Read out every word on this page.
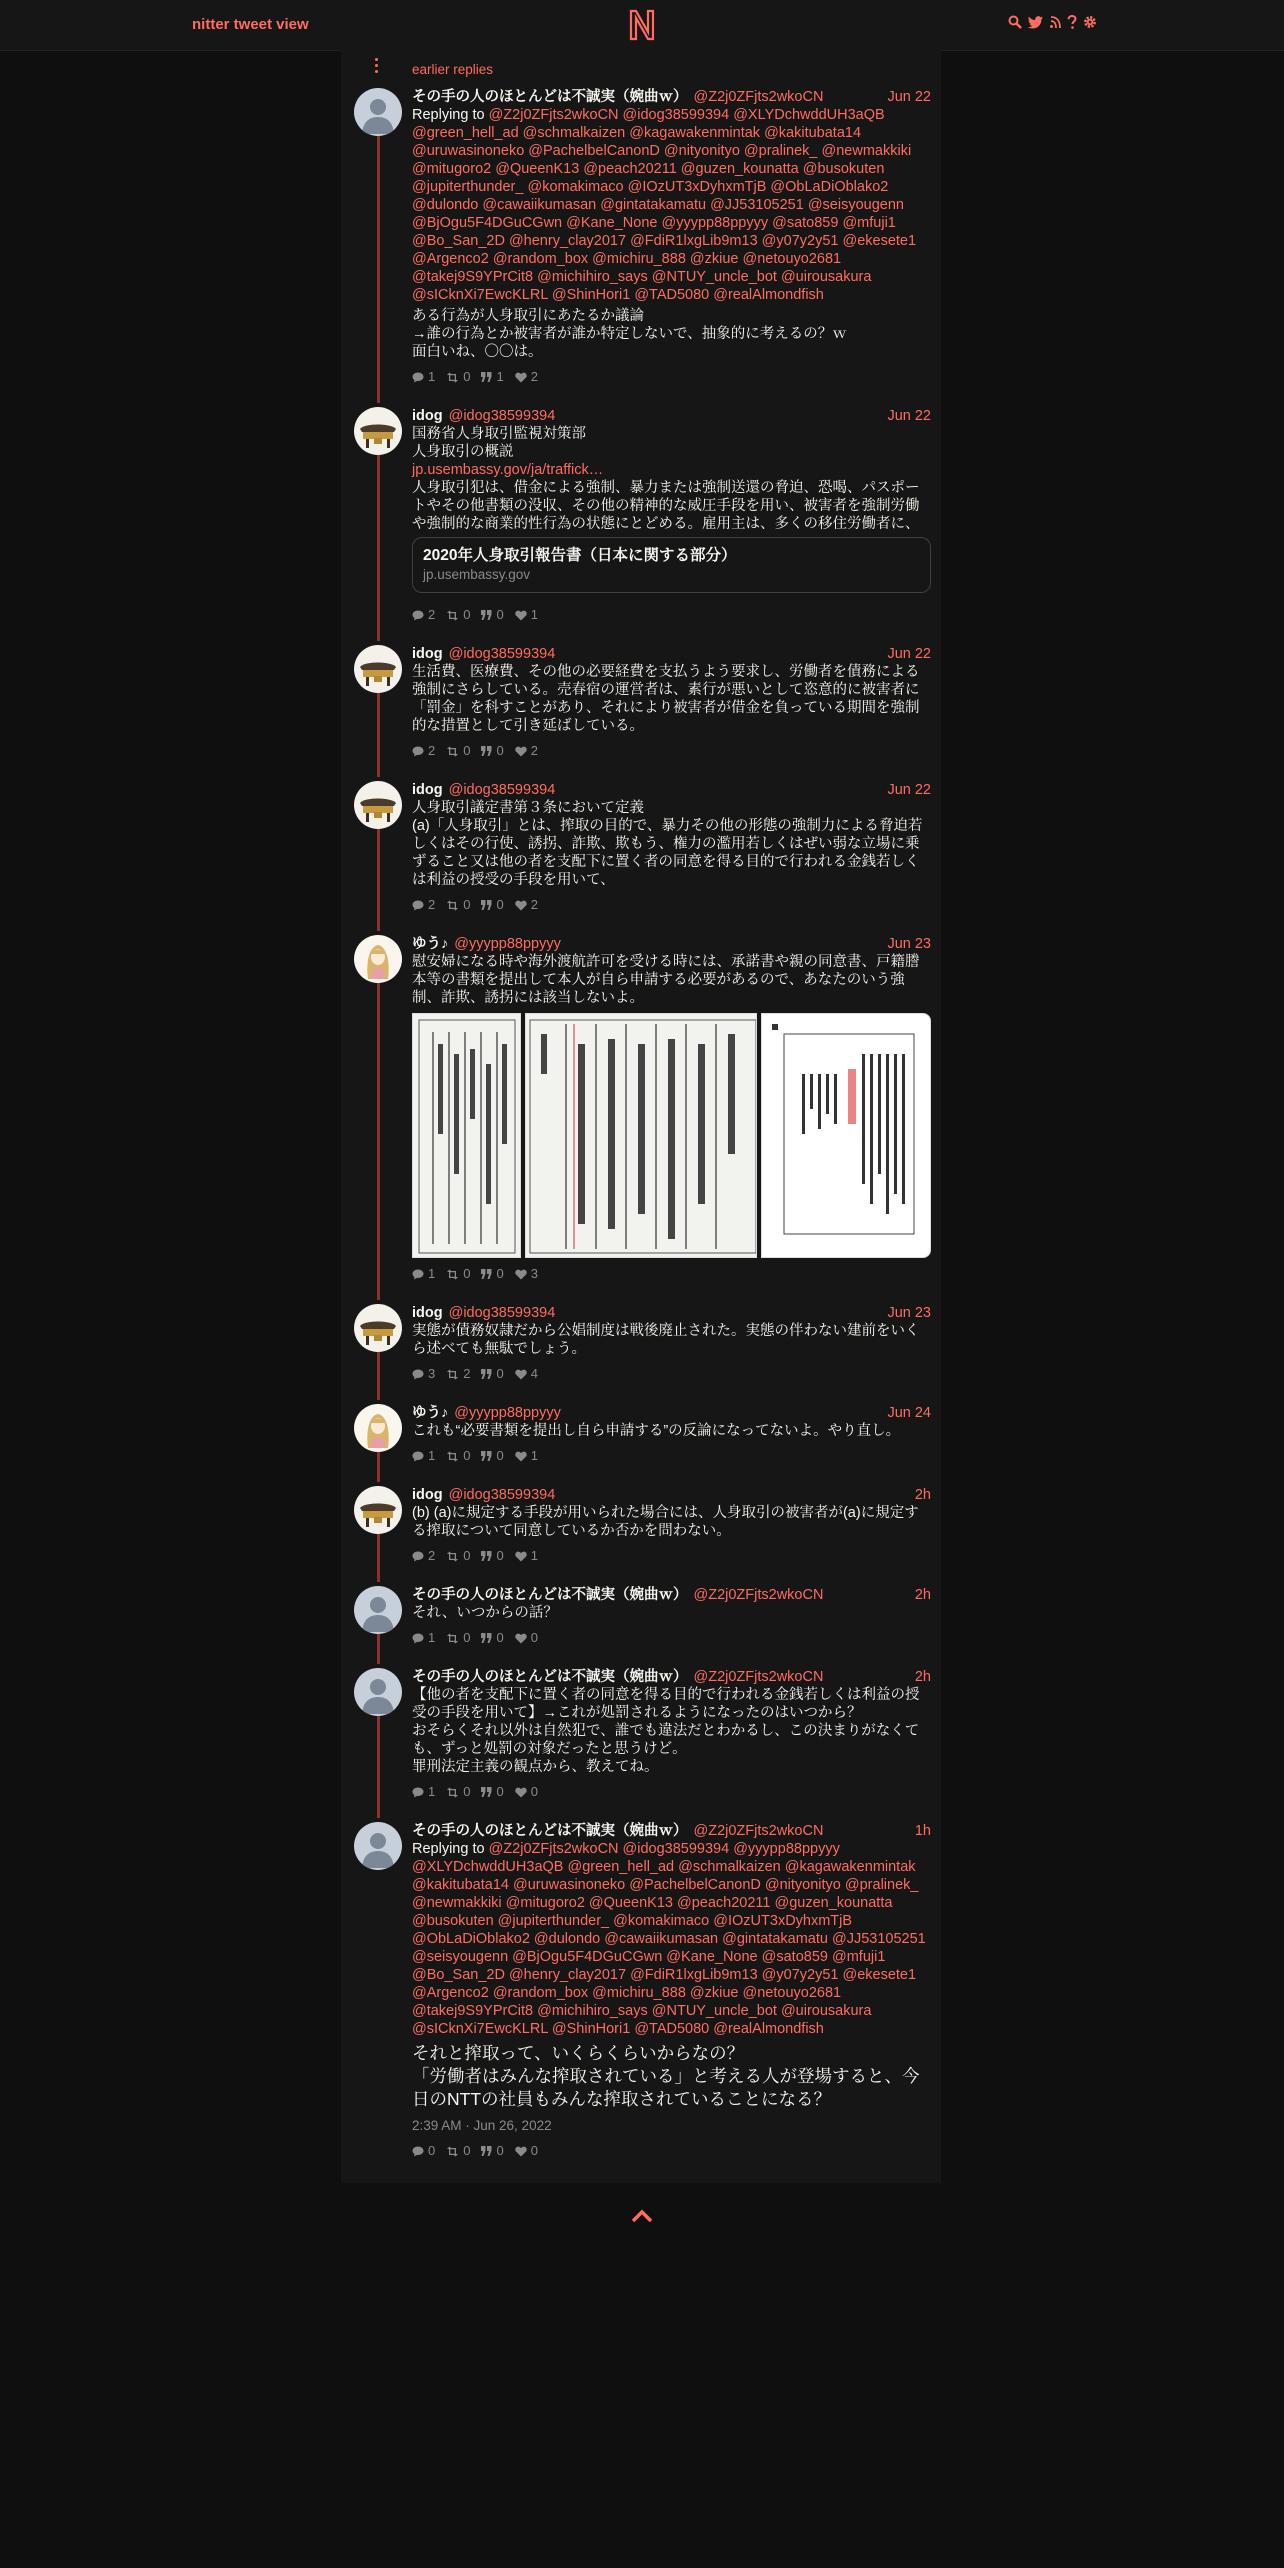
nitter tweet view
earlier replies
その手の人のほとんどは不誠実（婉曲ｗ） @Z2j0ZFjts2wkoCN	Jun 22
Replying to @Z2j0ZFjts2wkoCN @idog38599394 @XLYDchwddUH3aQB @green_hell_ad @schmalkaizen @kagawakenmintak @kakitubata14 @uruwasinoneko @PachelbelCanonD @nityonityo @pralinek_ @newmakkiki @mitugoro2 @QueenK13 @peach20211 @guzen_kounatta @busokuten @jupiterthunder_ @komakimaco @IOzUT3xDyhxmTjB @ObLaDiOblako2 @dulondo @cawaiikumasan @gintatakamatu @JJ53105251 @seisyougenn @BjOgu5F4DGuCGwn @Kane_None @yyypp88ppyyy @sato859 @mfuji1 @Bo_San_2D @henry_clay2017 @FdiR1lxgLib9m13 @y07y2y51 @ekesete1 @Argenco2 @random_box @michiru_888 @zkiue @netouyo2681 @takej9S9YPrCit8 @michihiro_says @NTUY_uncle_bot @uirousakura @sICknXi7EwcKLRL @ShinHori1 @TAD5080 @realAlmondfish
ある行為が人身取引にあたるか議論
→誰の行為とか被害者が誰か特定しないで、抽象的に考えるの？ｗ
面白いね、〇〇は。
1 0 1 2
idog @idog38599394	Jun 22
国務省人身取引監視対策部
人身取引の概説
jp.usembassy.gov/ja/traffick…
人身取引犯は、借金による強制、暴力または強制送還の脅迫、恐喝、パスポートやその他書類の没収、その他の精神的な威圧手段を用い、被害者を強制労働や強制的な商業的性行為の状態にとどめる。雇用主は、多くの移住労働者に、
2020年人身取引報告書（日本に関する部分）
jp.usembassy.gov
2 0 0 1
idog @idog38599394	Jun 22
生活費、医療費、その他の必要経費を支払うよう要求し、労働者を債務による強制にさらしている。売春宿の運営者は、素行が悪いとして恣意的に被害者に「罰金」を科すことがあり、それにより被害者が借金を負っている期間を強制的な措置として引き延ばしている。
2 0 0 2
idog @idog38599394	Jun 22
人身取引議定書第３条において定義
(a)「人身取引」とは、搾取の目的で、暴力その他の形態の強制力による脅迫若しくはその行使、誘拐、詐欺、欺もう、権力の濫用若しくはぜい弱な立場に乗ずること又は他の者を支配下に置く者の同意を得る目的で行われる金銭若しくは利益の授受の手段を用いて、
2 0 0 2
ゆう♪ @yyypp88ppyyy	Jun 23
慰安婦になる時や海外渡航許可を受ける時には、承諾書や親の同意書、戸籍謄本等の書類を提出して本人が自ら申請する必要があるので、あなたのいう強制、詐欺、誘拐には該当しないよ。
1 0 0 3
idog @idog38599394	Jun 23
実態が債務奴隷だから公娼制度は戦後廃止された。実態の伴わない建前をいくら述べても無駄でしょう。
3 2 0 4
ゆう♪ @yyypp88ppyyy	Jun 24
これも“必要書類を提出し自ら申請する”の反論になってないよ。やり直し。
1 0 0 1
idog @idog38599394	2h
(b) (a)に規定する手段が用いられた場合には、人身取引の被害者が(a)に規定する搾取について同意しているか否かを問わない。
2 0 0 1
その手の人のほとんどは不誠実（婉曲ｗ） @Z2j0ZFjts2wkoCN	2h
それ、いつからの話？
1 0 0 0
その手の人のほとんどは不誠実（婉曲ｗ） @Z2j0ZFjts2wkoCN	2h
【他の者を支配下に置く者の同意を得る目的で行われる金銭若しくは利益の授受の手段を用いて】→これが処罰されるようになったのはいつから？
おそらくそれ以外は自然犯で、誰でも違法だとわかるし、この決まりがなくても、ずっと処罰の対象だったと思うけど。
罪刑法定主義の観点から、教えてね。
1 0 0 0
その手の人のほとんどは不誠実（婉曲ｗ） @Z2j0ZFjts2wkoCN	1h
Replying to @Z2j0ZFjts2wkoCN @idog38599394 @yyypp88ppyyy @XLYDchwddUH3aQB @green_hell_ad @schmalkaizen @kagawakenmintak @kakitubata14 @uruwasinoneko @PachelbelCanonD @nityonityo @pralinek_ @newmakkiki @mitugoro2 @QueenK13 @peach20211 @guzen_kounatta @busokuten @jupiterthunder_ @komakimaco @IOzUT3xDyhxmTjB @ObLaDiOblako2 @dulondo @cawaiikumasan @gintatakamatu @JJ53105251 @seisyougenn @BjOgu5F4DGuCGwn @Kane_None @sato859 @mfuji1 @Bo_San_2D @henry_clay2017 @FdiR1lxgLib9m13 @y07y2y51 @ekesete1 @Argenco2 @random_box @michiru_888 @zkiue @netouyo2681 @takej9S9YPrCit8 @michihiro_says @NTUY_uncle_bot @uirousakura @sICknXi7EwcKLRL @ShinHori1 @TAD5080 @realAlmondfish
それと搾取って、いくらくらいからなの？
「労働者はみんな搾取されている」と考える人が登場すると、今日のNTTの社員もみんな搾取されていることになる？
2:39 AM · Jun 26, 2022
0 0 0 0
